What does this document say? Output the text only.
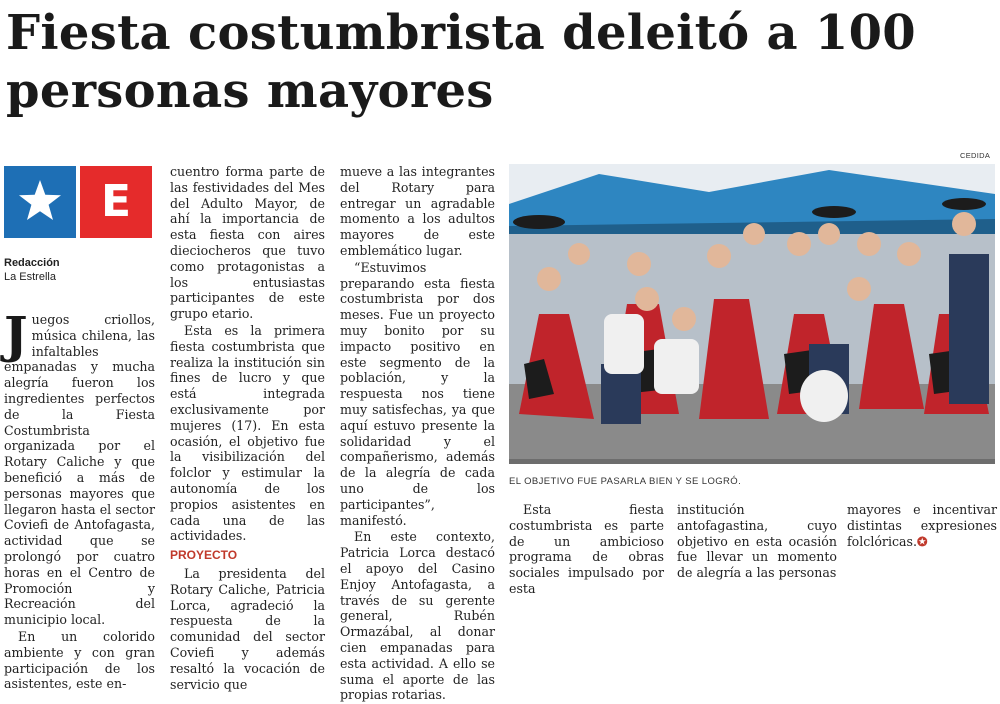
Fiesta costumbrista deleitó a 100
personas mayores
E
Redacción
La Estrella

Juegos criollos, música chilena, las infaltables empanadas y mucha alegría fueron los ingredientes perfectos de la Fiesta Costumbrista organizada por el Rotary Caliche y que benefició a más de personas mayores que llegaron hasta el sector Coviefi de Antofagasta, actividad que se prolongó por cuatro horas en el Centro de Promoción y Recreación del municipio local.

En un colorido ambiente y con gran participación de los asistentes, este en-

cuentro forma parte de las festividades del Mes del Adulto Mayor, de ahí la importancia de esta fiesta con aires dieciocheros que tuvo como protagonistas a los entusiastas participantes de este grupo etario.

Esta es la primera fiesta costumbrista que realiza la institución sin fines de lucro y que está integrada exclusivamente por mujeres (17). En esta ocasión, el objetivo fue la visibilización del folclor y estimular la autonomía de los propios asistentes en cada una de las actividades.

PROYECTO

La presidenta del Rotary Caliche, Patricia Lorca, agradeció la respuesta de la comunidad del sector Coviefi y además resaltó la vocación de servicio que

mueve a las integrantes del Rotary para entregar un agradable momento a los adultos mayores de este emblemático lugar.

“Estuvimos preparando esta fiesta costumbrista por dos meses. Fue un proyecto muy bonito por su impacto positivo en este segmento de la población, y la respuesta nos tiene muy satisfechas, ya que aquí estuvo presente la solidaridad y el compañerismo, además de la alegría de cada uno de los participantes”, manifestó.

En este contexto, Patricia Lorca destacó el apoyo del Casino Enjoy Antofagasta, a través de su gerente general, Rubén Ormazábal, al donar cien empanadas para esta actividad. A ello se suma el aporte de las propias rotarias.

CEDIDA
EL OBJETIVO FUE PASARLA BIEN Y SE LOGRÓ.

Esta fiesta costumbrista es parte de un ambicioso programa de obras sociales impulsado por esta

institución antofagastina, cuyo objetivo en esta ocasión fue llevar un momento de alegría a las personas

mayores e incentivar distintas expresiones folclóricas.✪
